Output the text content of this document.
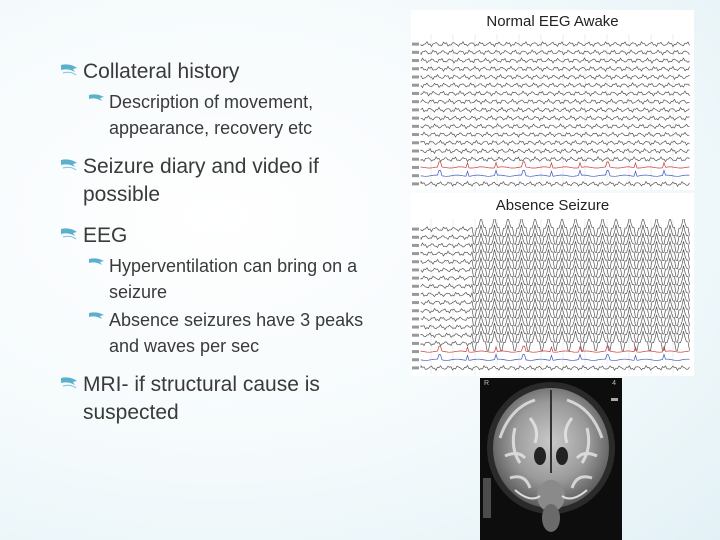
Collateral history
Description of movement, appearance, recovery etc
Seizure diary and video if possible
EEG
Hyperventilation can bring on a seizure
Absence seizures have 3 peaks and waves per sec
MRI- if structural cause is suspected
Normal EEG Awake
Absence Seizure
R	4
